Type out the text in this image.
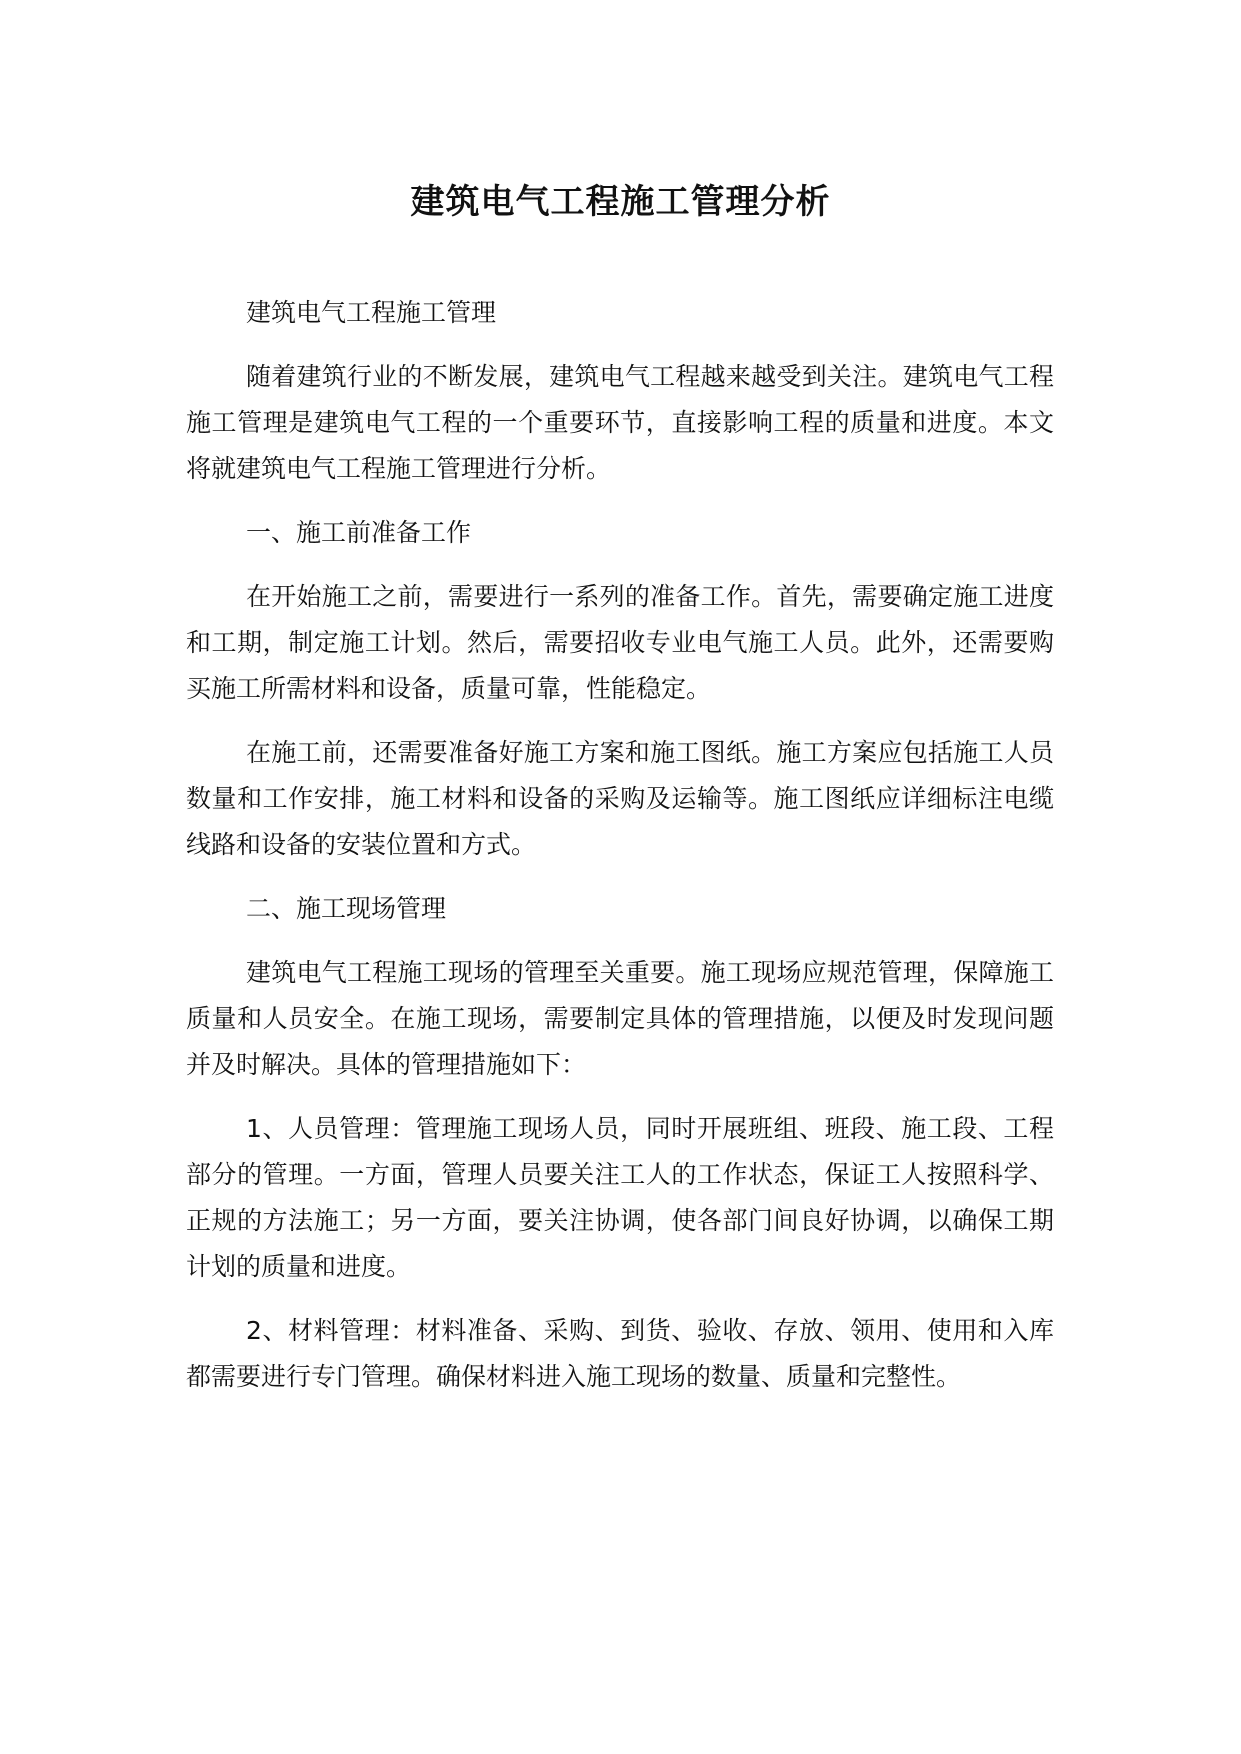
建筑电气工程施工管理分析

建筑电气工程施工管理

随着建筑行业的不断发展，建筑电气工程越来越受到关注。建筑电气工程施工管理是建筑电气工程的一个重要环节，直接影响工程的质量和进度。本文将就建筑电气工程施工管理进行分析。

一、施工前准备工作

在开始施工之前，需要进行一系列的准备工作。首先，需要确定施工进度和工期，制定施工计划。然后，需要招收专业电气施工人员。此外，还需要购买施工所需材料和设备，质量可靠，性能稳定。

在施工前，还需要准备好施工方案和施工图纸。施工方案应包括施工人员数量和工作安排，施工材料和设备的采购及运输等。施工图纸应详细标注电缆线路和设备的安装位置和方式。

二、施工现场管理

建筑电气工程施工现场的管理至关重要。施工现场应规范管理，保障施工质量和人员安全。在施工现场，需要制定具体的管理措施，以便及时发现问题并及时解决。具体的管理措施如下：

1、人员管理：管理施工现场人员，同时开展班组、班段、施工段、工程部分的管理。一方面，管理人员要关注工人的工作状态，保证工人按照科学、正规的方法施工；另一方面，要关注协调，使各部门间良好协调，以确保工期计划的质量和进度。

2、材料管理：材料准备、采购、到货、验收、存放、领用、使用和入库都需要进行专门管理。确保材料进入施工现场的数量、质量和完整性。
